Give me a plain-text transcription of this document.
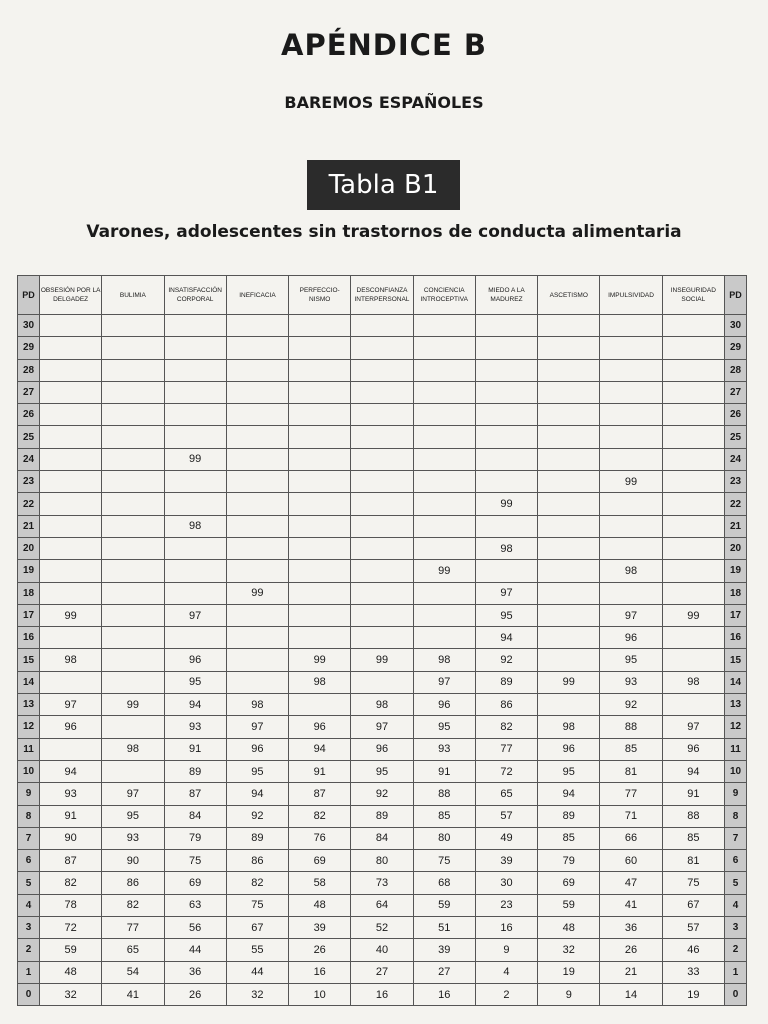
APÉNDICE B
BAREMOS ESPAÑOLES
Tabla B1
Varones, adolescentes sin trastornos de conducta alimentaria
PD	OBSESIÓN POR LA DELGADEZ	BULIMIA	INSATISFACCIÓN CORPORAL	INEFICACIA	PERFECCIO-NISMO	DESCONFIANZA INTERPERSONAL	CONCIENCIA INTROCEPTIVA	MIEDO A LA MADUREZ	ASCETISMO	IMPULSIVIDAD	INSEGURIDAD SOCIAL	PD
30												30
29												29
28												28
27												27
26												26
25												25
24			99									24
23										99		23
22								99				22
21			98									21
20								98				20
19							99			98		19
18				99				97				18
17	99		97					95		97	99	17
16								94		96		16
15	98		96		99	99	98	92		95		15
14			95		98		97	89	99	93	98	14
13	97	99	94	98		98	96	86		92		13
12	96		93	97	96	97	95	82	98	88	97	12
11		98	91	96	94	96	93	77	96	85	96	11
10	94		89	95	91	95	91	72	95	81	94	10
9	93	97	87	94	87	92	88	65	94	77	91	9
8	91	95	84	92	82	89	85	57	89	71	88	8
7	90	93	79	89	76	84	80	49	85	66	85	7
6	87	90	75	86	69	80	75	39	79	60	81	6
5	82	86	69	82	58	73	68	30	69	47	75	5
4	78	82	63	75	48	64	59	23	59	41	67	4
3	72	77	56	67	39	52	51	16	48	36	57	3
2	59	65	44	55	26	40	39	9	32	26	46	2
1	48	54	36	44	16	27	27	4	19	21	33	1
0	32	41	26	32	10	16	16	2	9	14	19	0
